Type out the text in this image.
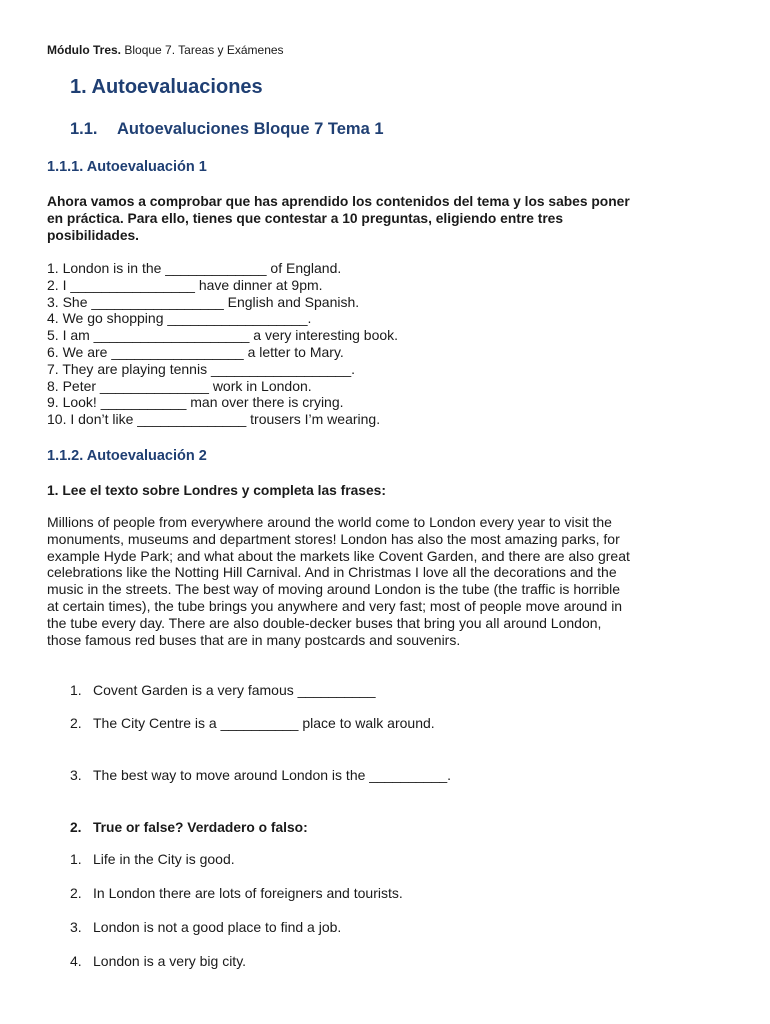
Módulo Tres. Bloque 7. Tareas y Exámenes
1. Autoevaluaciones
1.1. Autoevaluciones Bloque 7 Tema 1
1.1.1. Autoevaluación 1
Ahora vamos a comprobar que has aprendido los contenidos del tema y los sabes poner en práctica. Para ello, tienes que contestar a 10 preguntas, eligiendo entre tres posibilidades.
1. London is in the _____________ of England.
2. I ________________ have dinner at 9pm.
3. She _________________ English and Spanish.
4. We go shopping __________________.
5. I am ____________________ a very interesting book.
6. We are _________________ a letter to Mary.
7. They are playing tennis __________________.
8. Peter ______________ work in London.
9. Look! ___________ man over there is crying.
10. I don’t like ______________ trousers I’m wearing.
1.1.2. Autoevaluación 2
1. Lee el texto sobre Londres y completa las frases:
Millions of people from everywhere around the world come to London every year to visit the monuments, museums and department stores! London has also the most amazing parks, for example Hyde Park; and what about the markets like Covent Garden, and there are also great celebrations like the Notting Hill Carnival. And in Christmas I love all the decorations and the music in the streets. The best way of moving around London is the tube (the traffic is horrible at certain times), the tube brings you anywhere and very fast; most of people move around in the tube every day. There are also double-decker buses that bring you all around London, those famous red buses that are in many postcards and souvenirs.
1. Covent Garden is a very famous __________
2. The City Centre is a __________ place to walk around.
3. The best way to move around London is the __________.
2. True or false? Verdadero o falso:
1. Life in the City is good.
2. In London there are lots of foreigners and tourists.
3. London is not a good place to find a job.
4. London is a very big city.
